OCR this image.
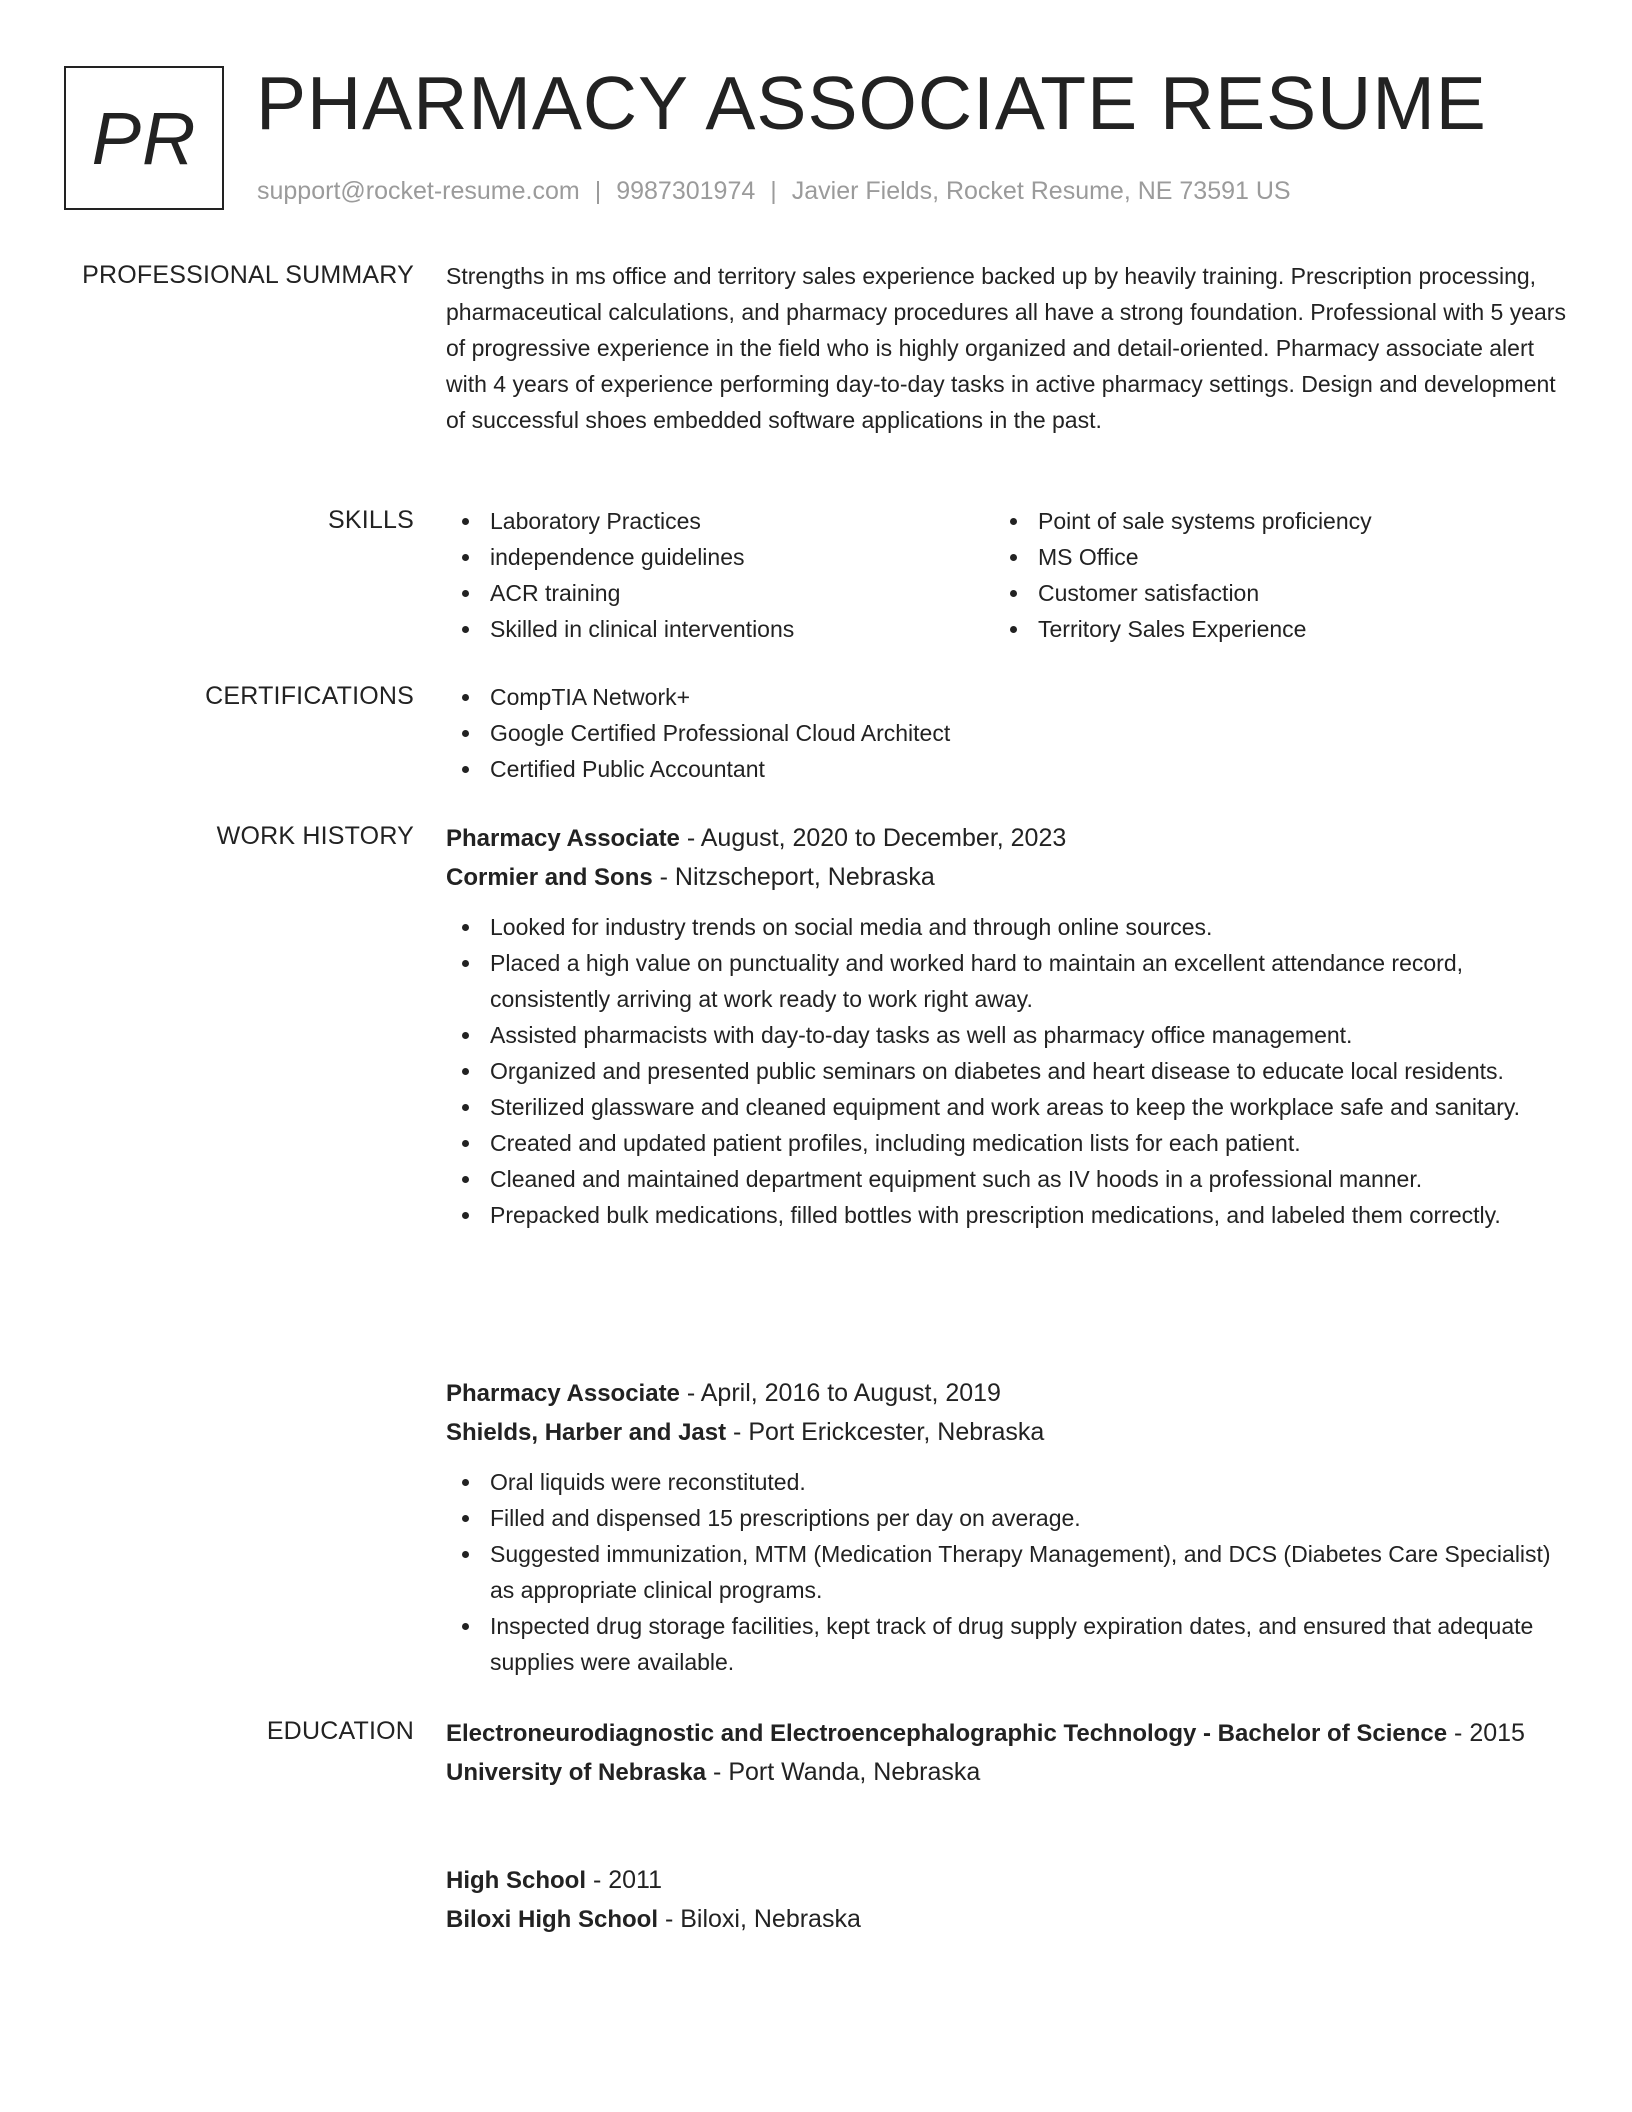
PR PHARMACY ASSOCIATE RESUME
support@rocket-resume.com | 9987301974 | Javier Fields, Rocket Resume, NE 73591 US
PROFESSIONAL SUMMARY Strengths in ms office and territory sales experience backed up by heavily training. Prescription processing, pharmaceutical calculations, and pharmacy procedures all have a strong foundation. Professional with 5 years of progressive experience in the field who is highly organized and detail-oriented. Pharmacy associate alert with 4 years of experience performing day-to-day tasks in active pharmacy settings. Design and development of successful shoes embedded software applications in the past.
SKILLS	Laboratory Practices
independence guidelines
ACR training
Skilled in clinical interventions
Point of sale systems proficiency
MS Office
Customer satisfaction
Territory Sales Experience
CERTIFICATIONS	CompTIA Network+
Google Certified Professional Cloud Architect
Certified Public Accountant
WORK HISTORY Pharmacy Associate - August, 2020 to December, 2023
Cormier and Sons - Nitzscheport, Nebraska
Looked for industry trends on social media and through online sources.
Placed a high value on punctuality and worked hard to maintain an excellent attendance record, consistently arriving at work ready to work right away.
Assisted pharmacists with day-to-day tasks as well as pharmacy office management.
Organized and presented public seminars on diabetes and heart disease to educate local residents.
Sterilized glassware and cleaned equipment and work areas to keep the workplace safe and sanitary.
Created and updated patient profiles, including medication lists for each patient.
Cleaned and maintained department equipment such as IV hoods in a professional manner.
Prepacked bulk medications, filled bottles with prescription medications, and labeled them correctly.
Pharmacy Associate - April, 2016 to August, 2019
Shields, Harber and Jast - Port Erickcester, Nebraska
Oral liquids were reconstituted.
Filled and dispensed 15 prescriptions per day on average.
Suggested immunization, MTM (Medication Therapy Management), and DCS (Diabetes Care Specialist) as appropriate clinical programs.
Inspected drug storage facilities, kept track of drug supply expiration dates, and ensured that adequate supplies were available.
EDUCATION Electroneurodiagnostic and Electroencephalographic Technology - Bachelor of Science - 2015
University of Nebraska - Port Wanda, Nebraska
High School - 2011
Biloxi High School - Biloxi, Nebraska
